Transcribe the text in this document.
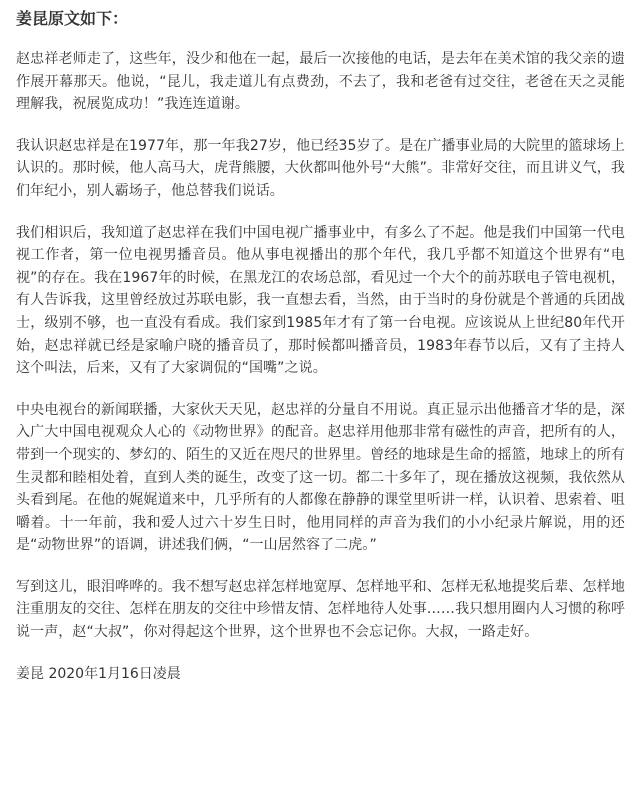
姜昆原文如下：

赵忠祥老师走了，这些年，没少和他在一起，最后一次接他的电话，是去年在美术馆的我父亲的遗作展开幕那天。他说，“昆儿，我走道儿有点费劲，不去了，我和老爸有过交往，老爸在天之灵能理解我，祝展览成功！”我连连道谢。

我认识赵忠祥是在1977年，那一年我27岁，他已经35岁了。是在广播事业局的大院里的篮球场上认识的。那时候，他人高马大，虎背熊腰，大伙都叫他外号“大熊”。非常好交往，而且讲义气，我们年纪小，别人霸场子，他总替我们说话。

我们相识后，我知道了赵忠祥在我们中国电视广播事业中，有多么了不起。他是我们中国第一代电视工作者，第一位电视男播音员。他从事电视播出的那个年代，我几乎都不知道这个世界有“电视”的存在。我在1967年的时候，在黑龙江的农场总部，看见过一个大个的前苏联电子管电视机，有人告诉我，这里曾经放过苏联电影，我一直想去看，当然，由于当时的身份就是个普通的兵团战士，级别不够，也一直没有看成。我们家到1985年才有了第一台电视。应该说从上世纪80年代开始，赵忠祥就已经是家喻户晓的播音员了，那时候都叫播音员，1983年春节以后，又有了主持人这个叫法，后来，又有了大家调侃的“国嘴”之说。

中央电视台的新闻联播，大家伙天天见，赵忠祥的分量自不用说。真正显示出他播音才华的是，深入广大中国电视观众人心的《动物世界》的配音。赵忠祥用他那非常有磁性的声音，把所有的人，带到一个现实的、梦幻的、陌生的又近在咫尺的世界里。曾经的地球是生命的摇篮，地球上的所有生灵都和睦相处着，直到人类的诞生，改变了这一切。都二十多年了，现在播放这视频，我依然从头看到尾。在他的娓娓道来中，几乎所有的人都像在静静的课堂里听讲一样，认识着、思索着、咀嚼着。十一年前，我和爱人过六十岁生日时，他用同样的声音为我们的小小纪录片解说，用的还是“动物世界”的语调，讲述我们俩，“一山居然容了二虎。”

写到这儿，眼泪哗哗的。我不想写赵忠祥怎样地宽厚、怎样地平和、怎样无私地提奖后辈、怎样地注重朋友的交往、怎样在朋友的交往中珍惜友情、怎样地待人处事……我只想用圈内人习惯的称呼说一声，赵“大叔”，你对得起这个世界，这个世界也不会忘记你。大叔，一路走好。

姜昆 2020年1月16日凌晨
